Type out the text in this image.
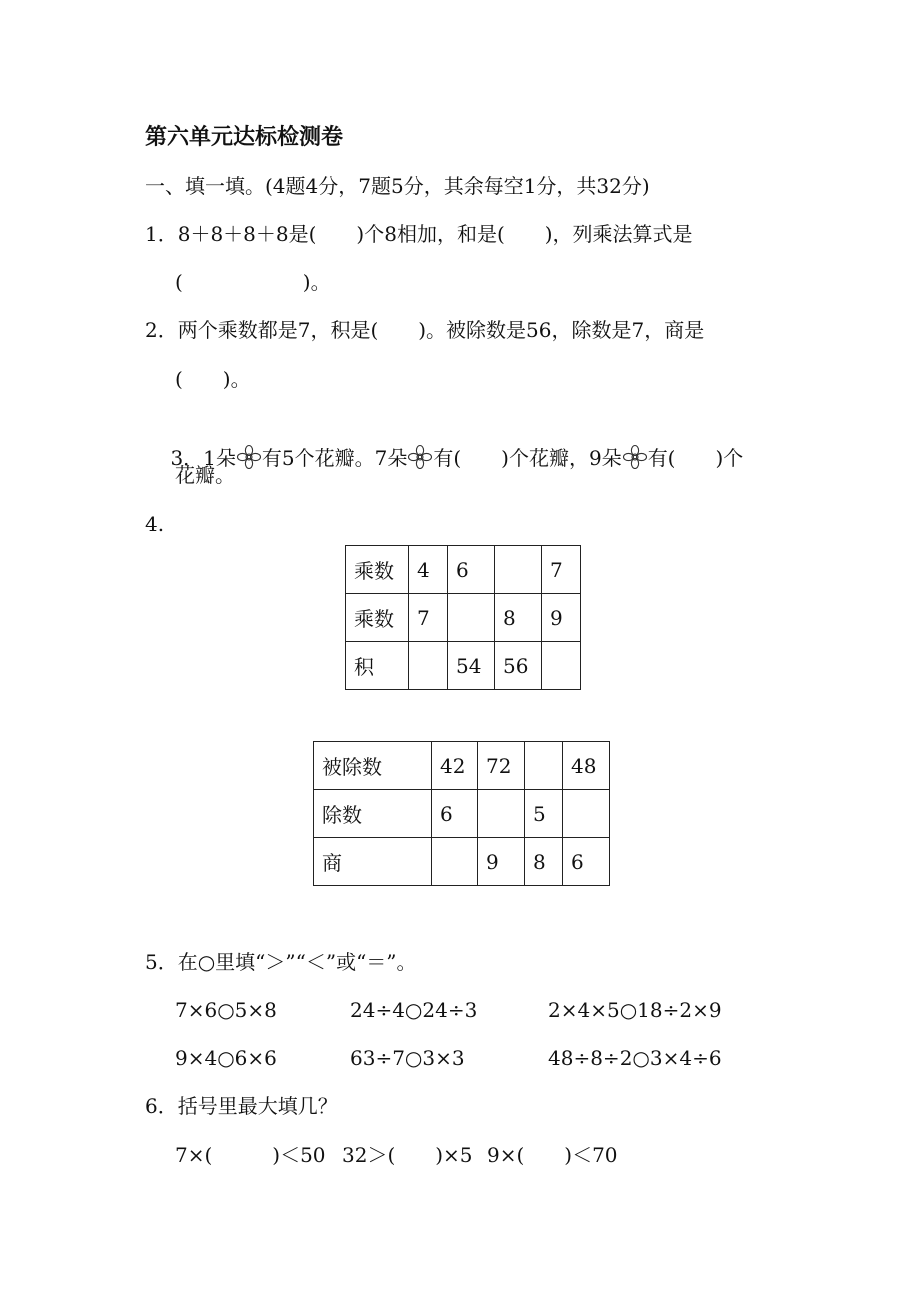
第六单元达标检测卷
一、填一填。(4题4分，7题5分，其余每空1分，共32分)
1．8＋8＋8＋8是(　　)个8相加，和是(　　)，列乘法算式是
(　　　　　　)。
2．两个乘数都是7，积是(　　)。被除数是56，除数是7，商是
(　　)。

3．1朵 有5个花瓣。7朵 有(　　)个花瓣，9朵 有(　　)个

花瓣。
4.
乘数	4	6		7
乘数	7		8	9
积		54	56	
被除数	42	72		48
除数	6		5	
商		9	8	6
5．在○里填“＞”“＜”或“＝”。
7×6○5×8	24÷4○24÷3	2×4×5○18÷2×9
9×4○6×6	63÷7○3×3	48÷8÷2○3×4÷6
6．括号里最大填几？
7×(　　　)＜50 32＞(　　)×5 9×(　　)＜70
